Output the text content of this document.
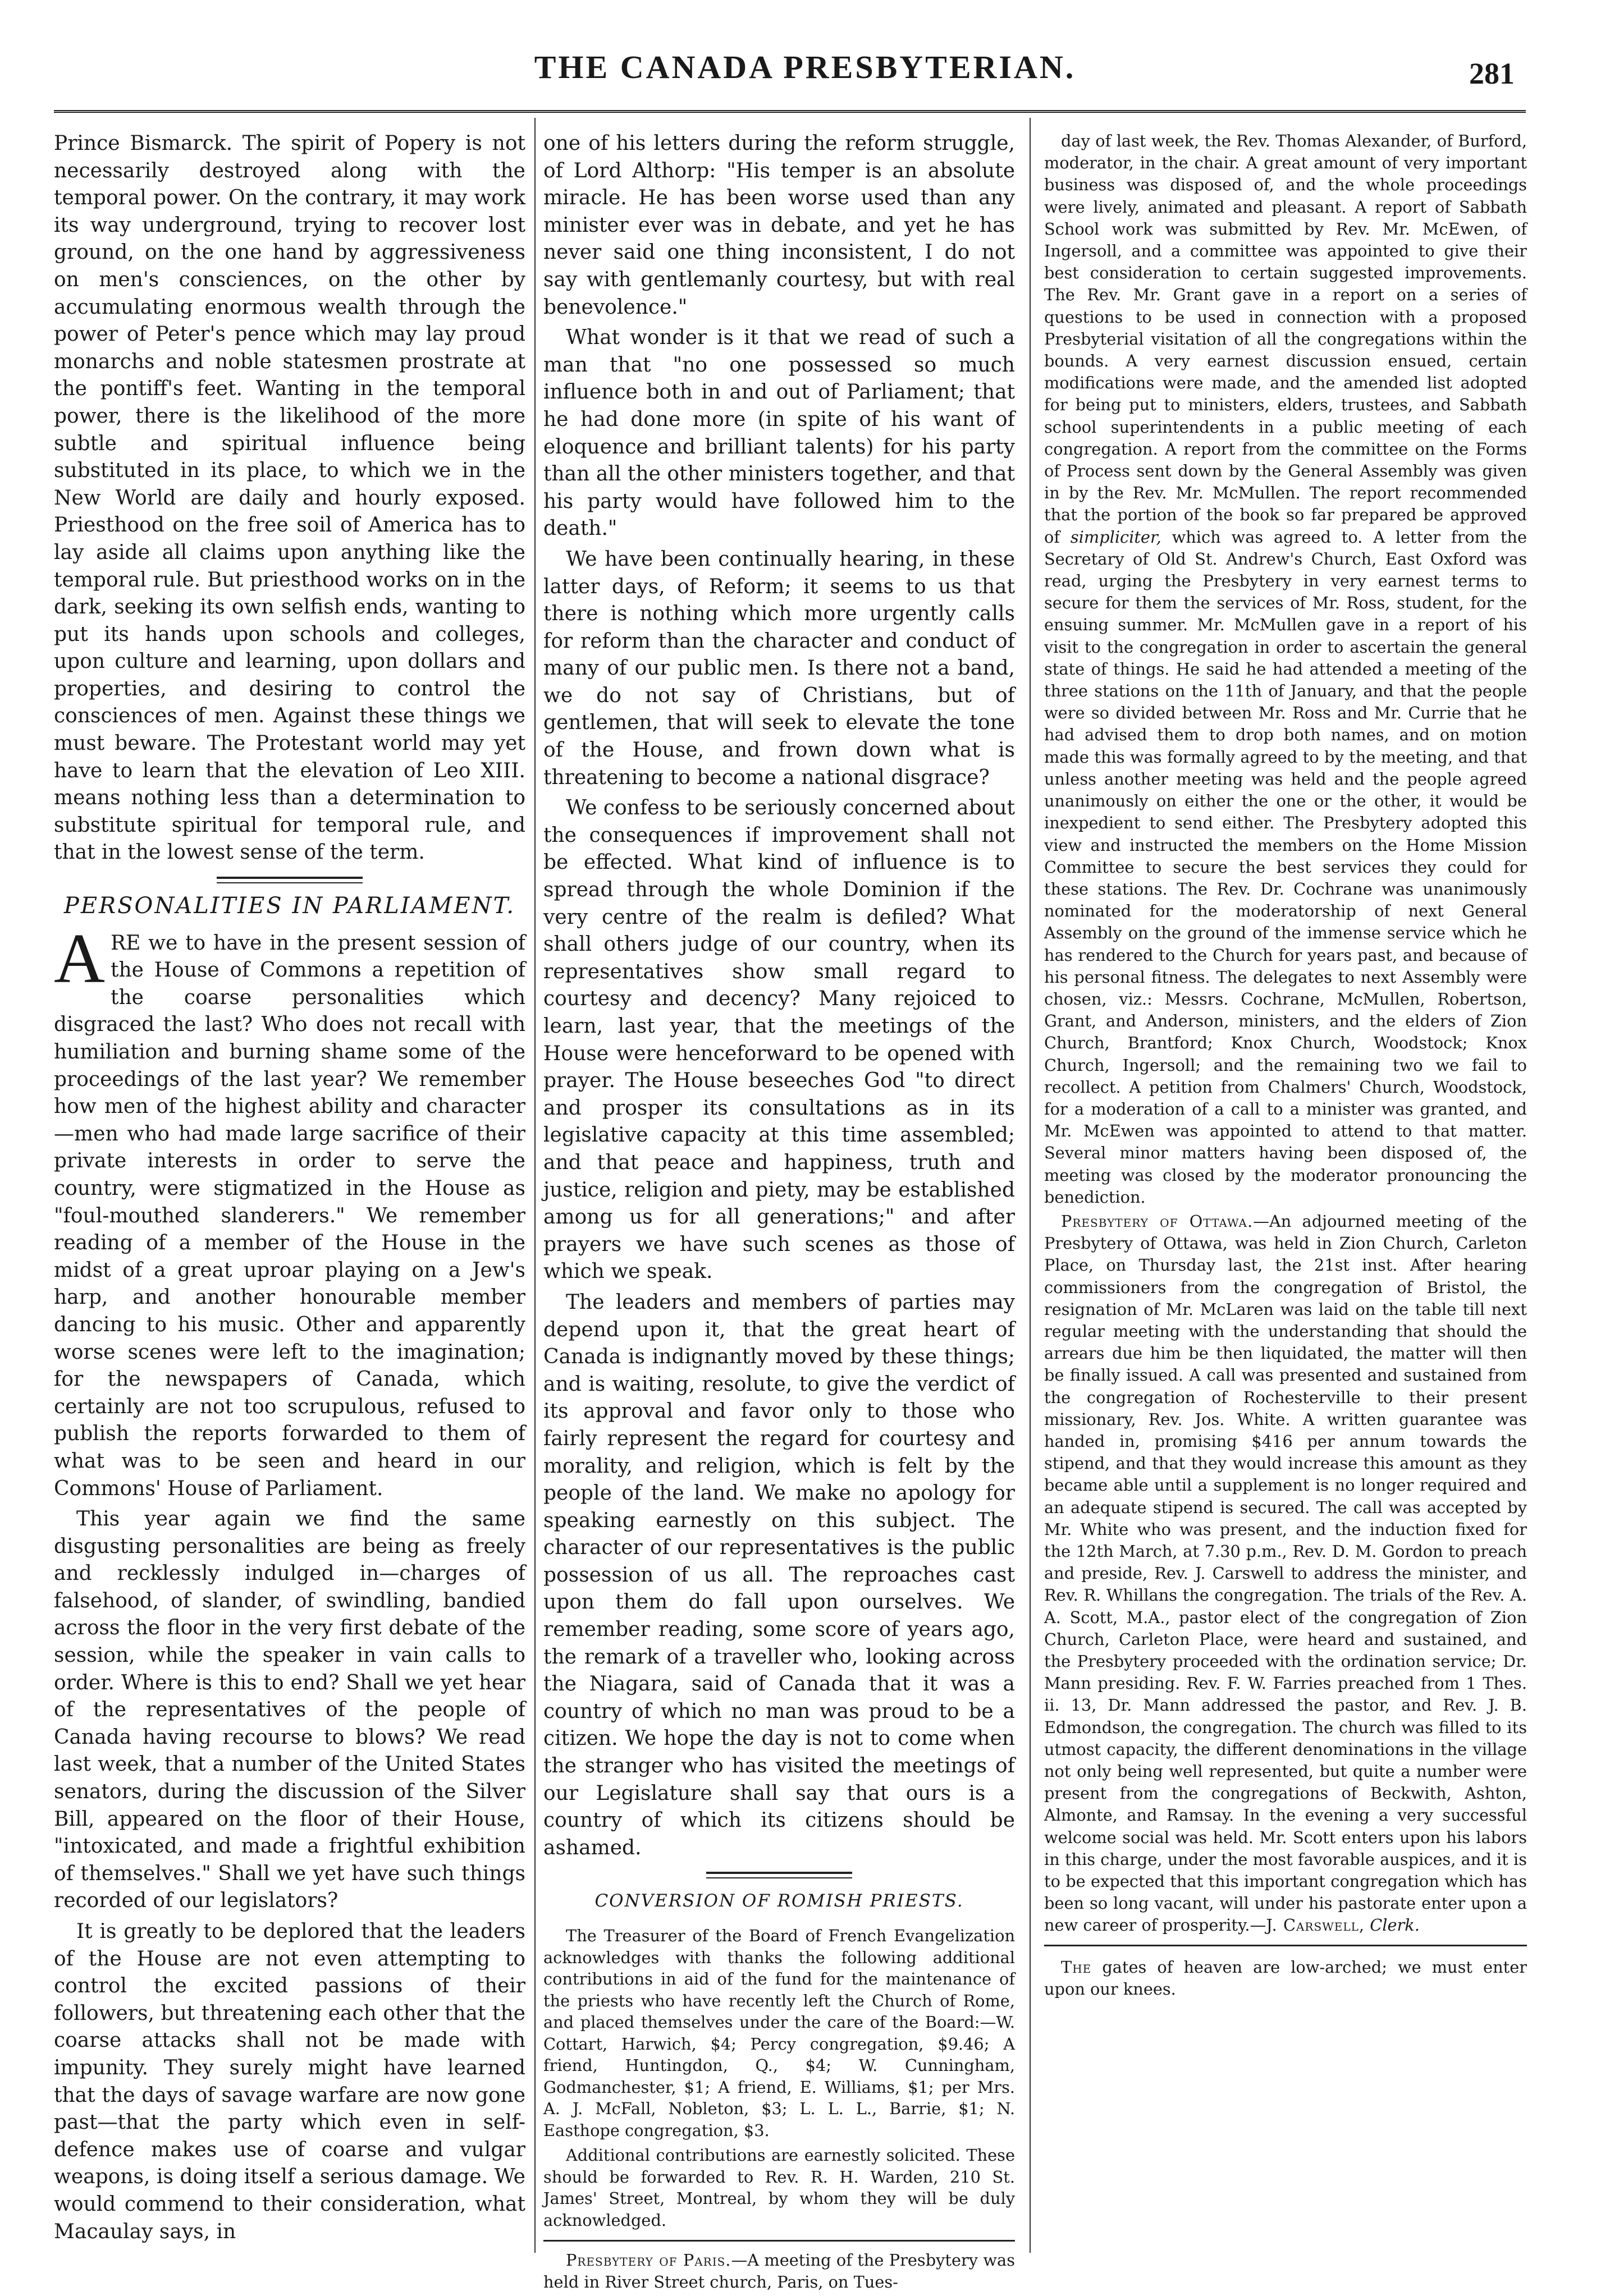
THE CANADA PRESBYTERIAN.	281

Prince Bismarck. The spirit of Popery is not necessarily destroyed along with the temporal power. On the contrary, it may work its way underground, trying to recover lost ground, on the one hand by aggressiveness on men's consciences, on the other by accumulating enormous wealth through the power of Peter's pence which may lay proud monarchs and noble statesmen prostrate at the pontiff's feet. Wanting in the temporal power, there is the likelihood of the more subtle and spiritual influence being substituted in its place, to which we in the New World are daily and hourly exposed. Priesthood on the free soil of America has to lay aside all claims upon anything like the temporal rule. But priesthood works on in the dark, seeking its own selfish ends, wanting to put its hands upon schools and colleges, upon culture and learning, upon dollars and properties, and desiring to control the consciences of men. Against these things we must beware. The Protestant world may yet have to learn that the elevation of Leo XIII. means nothing less than a determination to substitute spiritual for temporal rule, and that in the lowest sense of the term.

PERSONALITIES IN PARLIAMENT.

ARE we to have in the present session of the House of Commons a repetition of the coarse personalities which disgraced the last? Who does not recall with humiliation and burning shame some of the proceedings of the last year? We remember how men of the highest ability and character—men who had made large sacrifice of their private interests in order to serve the country, were stigmatized in the House as "foul-mouthed slanderers." We remember reading of a member of the House in the midst of a great uproar playing on a Jew's harp, and another honourable member dancing to his music. Other and apparently worse scenes were left to the imagination; for the newspapers of Canada, which certainly are not too scrupulous, refused to publish the reports forwarded to them of what was to be seen and heard in our Commons' House of Parliament.

This year again we find the same disgusting personalities are being as freely and recklessly indulged in—charges of falsehood, of slander, of swindling, bandied across the floor in the very first debate of the session, while the speaker in vain calls to order. Where is this to end? Shall we yet hear of the representatives of the people of Canada having recourse to blows? We read last week, that a number of the United States senators, during the discussion of the Silver Bill, appeared on the floor of their House, "intoxicated, and made a frightful exhibition of themselves." Shall we yet have such things recorded of our legislators?

It is greatly to be deplored that the leaders of the House are not even attempting to control the excited passions of their followers, but threatening each other that the coarse attacks shall not be made with impunity. They surely might have learned that the days of savage warfare are now gone past—that the party which even in self-defence makes use of coarse and vulgar weapons, is doing itself a serious damage. We would commend to their consideration, what Macaulay says, in

one of his letters during the reform struggle, of Lord Althorp: "His temper is an absolute miracle. He has been worse used than any minister ever was in debate, and yet he has never said one thing inconsistent, I do not say with gentlemanly courtesy, but with real benevolence."

What wonder is it that we read of such a man that "no one possessed so much influence both in and out of Parliament; that he had done more (in spite of his want of eloquence and brilliant talents) for his party than all the other ministers together, and that his party would have followed him to the death."

We have been continually hearing, in these latter days, of Reform; it seems to us that there is nothing which more urgently calls for reform than the character and conduct of many of our public men. Is there not a band, we do not say of Christians, but of gentlemen, that will seek to elevate the tone of the House, and frown down what is threatening to become a national disgrace?

We confess to be seriously concerned about the consequences if improvement shall not be effected. What kind of influence is to spread through the whole Dominion if the very centre of the realm is defiled? What shall others judge of our country, when its representatives show small regard to courtesy and decency? Many rejoiced to learn, last year, that the meetings of the House were henceforward to be opened with prayer. The House beseeches God "to direct and prosper its consultations as in its legislative capacity at this time assembled; and that peace and happiness, truth and justice, religion and piety, may be established among us for all generations;" and after prayers we have such scenes as those of which we speak.

The leaders and members of parties may depend upon it, that the great heart of Canada is indignantly moved by these things; and is waiting, resolute, to give the verdict of its approval and favor only to those who fairly represent the regard for courtesy and morality, and religion, which is felt by the people of the land. We make no apology for speaking earnestly on this subject. The character of our representatives is the public possession of us all. The reproaches cast upon them do fall upon ourselves. We remember reading, some score of years ago, the remark of a traveller who, looking across the Niagara, said of Canada that it was a country of which no man was proud to be a citizen. We hope the day is not to come when the stranger who has visited the meetings of our Legislature shall say that ours is a country of which its citizens should be ashamed.

CONVERSION OF ROMISH PRIESTS.

The Treasurer of the Board of French Evangelization acknowledges with thanks the following additional contributions in aid of the fund for the maintenance of the priests who have recently left the Church of Rome, and placed themselves under the care of the Board:—W. Cottart, Harwich, $4; Percy congregation, $9.46; A friend, Huntingdon, Q., $4; W. Cunningham, Godmanchester, $1; A friend, E. Williams, $1; per Mrs. A. J. McFall, Nobleton, $3; L. L. L., Barrie, $1; N. Easthope congregation, $3.

Additional contributions are earnestly solicited. These should be forwarded to Rev. R. H. Warden, 210 St. James' Street, Montreal, by whom they will be duly acknowledged.

Presbytery of Paris.—A meeting of the Presbytery was held in River Street church, Paris, on Tues-

day of last week, the Rev. Thomas Alexander, of Burford, moderator, in the chair. A great amount of very important business was disposed of, and the whole proceedings were lively, animated and pleasant. A report of Sabbath School work was submitted by Rev. Mr. McEwen, of Ingersoll, and a committee was appointed to give their best consideration to certain suggested improvements. The Rev. Mr. Grant gave in a report on a series of questions to be used in connection with a proposed Presbyterial visitation of all the congregations within the bounds. A very earnest discussion ensued, certain modifications were made, and the amended list adopted for being put to ministers, elders, trustees, and Sabbath school superintendents in a public meeting of each congregation. A report from the committee on the Forms of Process sent down by the General Assembly was given in by the Rev. Mr. McMullen. The report recommended that the portion of the book so far prepared be approved of simpliciter, which was agreed to. A letter from the Secretary of Old St. Andrew's Church, East Oxford was read, urging the Presbytery in very earnest terms to secure for them the services of Mr. Ross, student, for the ensuing summer. Mr. McMullen gave in a report of his visit to the congregation in order to ascertain the general state of things. He said he had attended a meeting of the three stations on the 11th of January, and that the people were so divided between Mr. Ross and Mr. Currie that he had advised them to drop both names, and on motion made this was formally agreed to by the meeting, and that unless another meeting was held and the people agreed unanimously on either the one or the other, it would be inexpedient to send either. The Presbytery adopted this view and instructed the members on the Home Mission Committee to secure the best services they could for these stations. The Rev. Dr. Cochrane was unanimously nominated for the moderatorship of next General Assembly on the ground of the immense service which he has rendered to the Church for years past, and because of his personal fitness. The delegates to next Assembly were chosen, viz.: Messrs. Cochrane, McMullen, Robertson, Grant, and Anderson, ministers, and the elders of Zion Church, Brantford; Knox Church, Woodstock; Knox Church, Ingersoll; and the remaining two we fail to recollect. A petition from Chalmers' Church, Woodstock, for a moderation of a call to a minister was granted, and Mr. McEwen was appointed to attend to that matter. Several minor matters having been disposed of, the meeting was closed by the moderator pronouncing the benediction.

Presbytery of Ottawa.—An adjourned meeting of the Presbytery of Ottawa, was held in Zion Church, Carleton Place, on Thursday last, the 21st inst. After hearing commissioners from the congregation of Bristol, the resignation of Mr. McLaren was laid on the table till next regular meeting with the understanding that should the arrears due him be then liquidated, the matter will then be finally issued. A call was presented and sustained from the congregation of Rochesterville to their present missionary, Rev. Jos. White. A written guarantee was handed in, promising $416 per annum towards the stipend, and that they would increase this amount as they became able until a supplement is no longer required and an adequate stipend is secured. The call was accepted by Mr. White who was present, and the induction fixed for the 12th March, at 7.30 p.m., Rev. D. M. Gordon to preach and preside, Rev. J. Carswell to address the minister, and Rev. R. Whillans the congregation. The trials of the Rev. A. A. Scott, M.A., pastor elect of the congregation of Zion Church, Carleton Place, were heard and sustained, and the Presbytery proceeded with the ordination service; Dr. Mann presiding. Rev. F. W. Farries preached from 1 Thes. ii. 13, Dr. Mann addressed the pastor, and Rev. J. B. Edmondson, the congregation. The church was filled to its utmost capacity, the different denominations in the village not only being well represented, but quite a number were present from the congregations of Beckwith, Ashton, Almonte, and Ramsay. In the evening a very successful welcome social was held. Mr. Scott enters upon his labors in this charge, under the most favorable auspices, and it is to be expected that this important congregation which has been so long vacant, will under his pastorate enter upon a new career of prosperity.—J. Carswell, Clerk.

The gates of heaven are low-arched; we must enter upon our knees.
